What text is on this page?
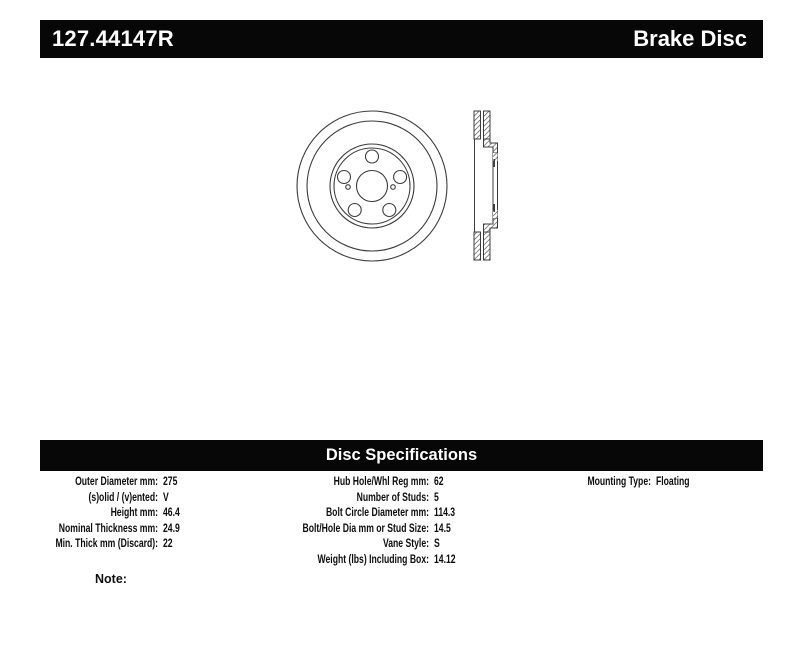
127.44147R	Brake Disc
Disc Specifications
Outer Diameter mm: 275
(s)olid / (v)ented: V
Height mm: 46.4
Nominal Thickness mm: 24.9
Min. Thick mm (Discard): 22
Hub Hole/Whl Reg mm: 62
Number of Studs: 5
Bolt Circle Diameter mm: 114.3
Bolt/Hole Dia mm or Stud Size: 14.5
Vane Style: S
Weight (lbs) Including Box: 14.12
Mounting Type: Floating
Note:
